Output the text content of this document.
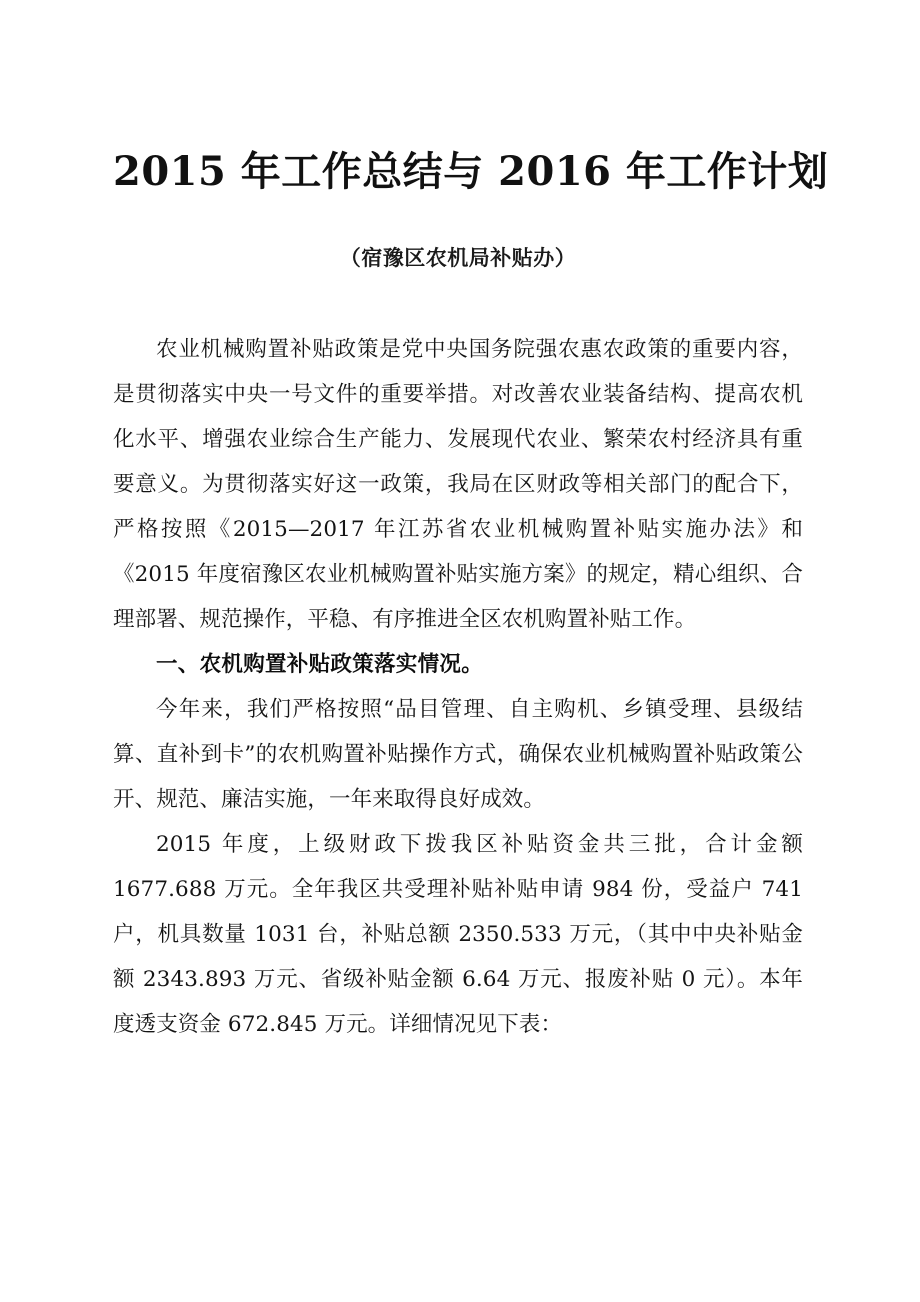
2015 年工作总结与 2016 年工作计划
（宿豫区农机局补贴办）

农业机械购置补贴政策是党中央国务院强农惠农政策的重要内容，是贯彻落实中央一号文件的重要举措。对改善农业装备结构、提高农机化水平、增强农业综合生产能力、发展现代农业、繁荣农村经济具有重要意义。为贯彻落实好这一政策，我局在区财政等相关部门的配合下，严格按照《2015—2017 年江苏省农业机械购置补贴实施办法》和《2015 年度宿豫区农业机械购置补贴实施方案》的规定，精心组织、合理部署、规范操作，平稳、有序推进全区农机购置补贴工作。

一、农机购置补贴政策落实情况。

今年来，我们严格按照“品目管理、自主购机、乡镇受理、县级结算、直补到卡”的农机购置补贴操作方式，确保农业机械购置补贴政策公开、规范、廉洁实施，一年来取得良好成效。

2015 年度，上级财政下拨我区补贴资金共三批，合计金额 1677.688 万元。全年我区共受理补贴补贴申请 984 份，受益户 741 户，机具数量 1031 台，补贴总额 2350.533 万元，（其中中央补贴金额 2343.893 万元、省级补贴金额 6.64 万元、报废补贴 0 元）。本年度透支资金 672.845 万元。详细情况见下表：
